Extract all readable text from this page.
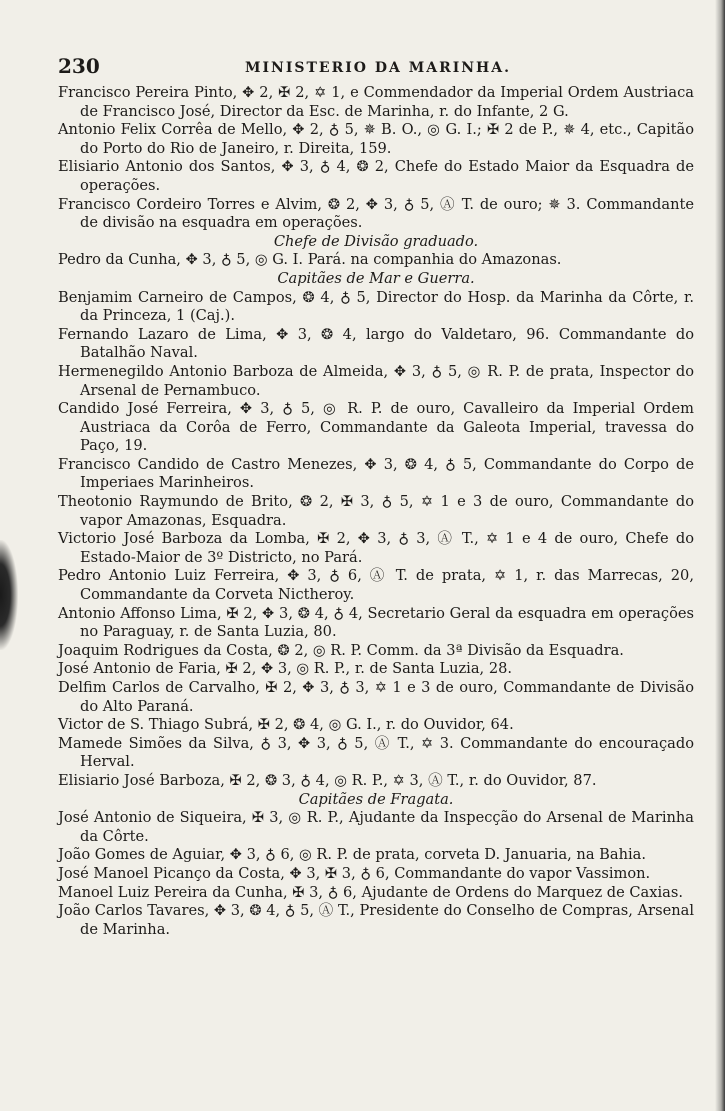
230	MINISTERIO DA MARINHA.

Francisco Pereira Pinto, ✥ 2, ✠ 2, ✡ 1, e Commendador da Imperial Ordem Austriaca de Francisco José, Director da Esc. de Marinha, r. do Infante, 2 G.

Antonio Felix Corrêa de Mello, ✥ 2, ♁ 5, ✵ B. O., ◎ G. I.; ✠ 2 de P., ✵ 4, etc., Capitão do Porto do Rio de Janeiro, r. Direita, 159.

Elisiario Antonio dos Santos, ✥ 3, ♁ 4, ❂ 2, Chefe do Estado Maior da Esquadra de operações.

Francisco Cordeiro Torres e Alvim, ❂ 2, ✥ 3, ♁ 5, Ⓐ T. de ouro; ✵ 3. Commandante de divisão na esquadra em operações.

Chefe de Divisão graduado.

Pedro da Cunha, ✥ 3, ♁ 5, ◎ G. I. Pará. na companhia do Amazonas.

Capitães de Mar e Guerra.

Benjamim Carneiro de Campos, ❂ 4, ♁ 5, Director do Hosp. da Marinha da Côrte, r. da Princeza, 1 (Caj.).

Fernando Lazaro de Lima, ✥ 3, ❂ 4, largo do Valdetaro, 96. Commandante do Batalhão Naval.

Hermenegildo Antonio Barboza de Almeida, ✥ 3, ♁ 5, ◎ R. P. de prata, Inspector do Arsenal de Pernambuco.

Candido José Ferreira, ✥ 3, ♁ 5, ◎ R. P. de ouro, Cavalleiro da Imperial Ordem Austriaca da Corôa de Ferro, Commandante da Galeota Imperial, travessa do Paço, 19.

Francisco Candido de Castro Menezes, ✥ 3, ❂ 4, ♁ 5, Commandante do Corpo de Imperiaes Marinheiros.

Theotonio Raymundo de Brito, ❂ 2, ✠ 3, ♁ 5, ✡ 1 e 3 de ouro, Commandante do vapor Amazonas, Esquadra.

Victorio José Barboza da Lomba, ✠ 2, ✥ 3, ♁ 3, Ⓐ T., ✡ 1 e 4 de ouro, Chefe do Estado-Maior de 3º Districto, no Pará.

Pedro Antonio Luiz Ferreira, ✥ 3, ♁ 6, Ⓐ T. de prata, ✡ 1, r. das Marrecas, 20, Commandante da Corveta Nictheroy.

Antonio Affonso Lima, ✠ 2, ✥ 3, ❂ 4, ♁ 4, Secretario Geral da esquadra em operações no Paraguay, r. de Santa Luzia, 80.

Joaquim Rodrigues da Costa, ❂ 2, ◎ R. P. Comm. da 3ª Divisão da Esquadra.

José Antonio de Faria, ✠ 2, ✥ 3, ◎ R. P., r. de Santa Luzia, 28.

Delfim Carlos de Carvalho, ✠ 2, ✥ 3, ♁ 3, ✡ 1 e 3 de ouro, Commandante de Divisão do Alto Paraná.

Victor de S. Thiago Subrá, ✠ 2, ❂ 4, ◎ G. I., r. do Ouvidor, 64.

Mamede Simões da Silva, ♁ 3, ✥ 3, ♁ 5, Ⓐ T., ✡ 3. Commandante do encouraçado Herval.

Elisiario José Barboza, ✠ 2, ❂ 3, ♁ 4, ◎ R. P., ✡ 3, Ⓐ T., r. do Ouvidor, 87.

Capitães de Fragata.

José Antonio de Siqueira, ✠ 3, ◎ R. P., Ajudante da Inspecção do Arsenal de Marinha da Côrte.

João Gomes de Aguiar, ✥ 3, ♁ 6, ◎ R. P. de prata, corveta D. Januaria, na Bahia.

José Manoel Picanço da Costa, ✥ 3, ✠ 3, ♁ 6, Commandante do vapor Vassimon.

Manoel Luiz Pereira da Cunha, ✠ 3, ♁ 6, Ajudante de Ordens do Marquez de Caxias.

João Carlos Tavares, ✥ 3, ❂ 4, ♁ 5, Ⓐ T., Presidente do Conselho de Compras, Arsenal de Marinha.
